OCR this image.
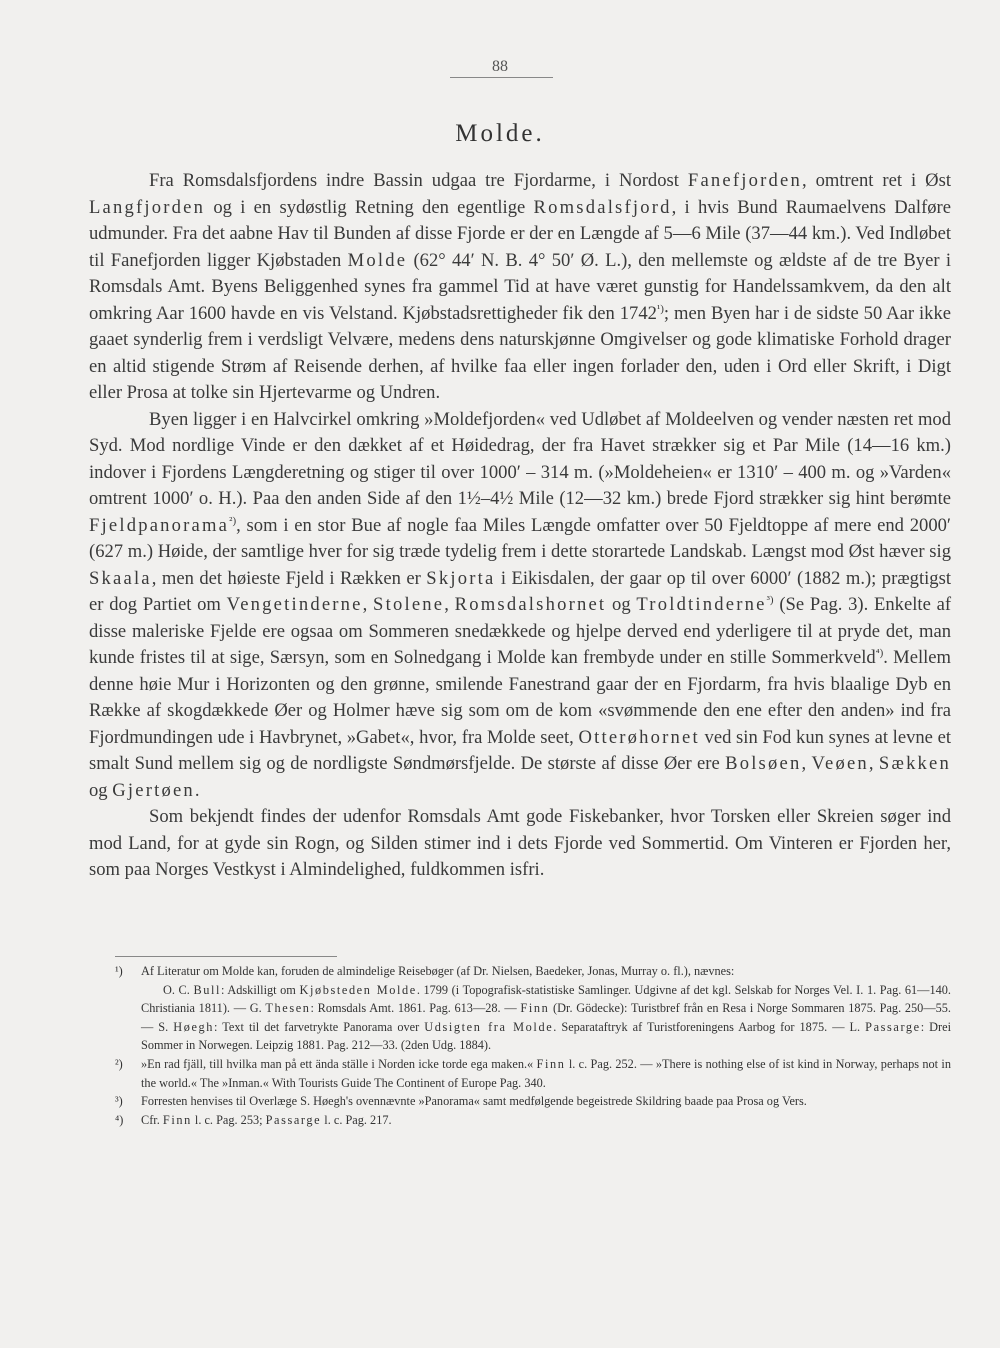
88
Molde.

Fra Romsdalsfjordens indre Bassin udgaa tre Fjordarme, i Nordost Fanefjorden, omtrent ret i Øst Langfjorden og i en sydøstlig Retning den egentlige Romsdalsfjord, i hvis Bund Raumaelvens Dalføre udmunder. Fra det aabne Hav til Bunden af disse Fjorde er der en Længde af 5—6 Mile (37—44 km.). Ved Indløbet til Fanefjorden ligger Kjøbstaden Molde (62° 44′ N. B. 4° 50′ Ø. L.), den mellemste og ældste af de tre Byer i Romsdals Amt. Byens Beliggenhed synes fra gammel Tid at have været gunstig for Handelssamkvem, da den alt omkring Aar 1600 havde en vis Velstand. Kjøbstadsrettigheder fik den $1742^{^1)}$; men Byen har i de sidste 50 Aar ikke gaaet synderlig frem i verdsligt Velvære, medens dens naturskjønne Omgivelser og gode klimatiske Forhold drager en altid stigende Strøm af Reisende derhen, af hvilke faa eller ingen forlader den, uden i Ord eller Skrift, i Digt eller Prosa at tolke sin Hjertevarme og Undren.

Byen ligger i en Halvcirkel omkring »Moldefjorden« ved Udløbet af Moldeelven og vender næsten ret mod Syd. Mod nordlige Vinde er den dækket af et Høidedrag, der fra Havet strækker sig et Par Mile (14—16 km.) indover i Fjordens Længderetning og stiger til over 1000′ – 314 m. (»Moldeheien« er 1310′ – 400 m. og »Varden« omtrent 1000′ o. H.). Paa den anden Side af den 1½–4½ Mile (12—32 km.) brede Fjord strækker sig hint berømte Fjeldpanorama$^{^2)}$, som i en stor Bue af nogle faa Miles Længde omfatter over 50 Fjeldtoppe af mere end 2000′ (627 m.) Høide, der samtlige hver for sig træde tydelig frem i dette storartede Landskab. Længst mod Øst hæver sig Skaala, men det høieste Fjeld i Rækken er Skjorta i Eikisdalen, der gaar op til over 6000′ (1882 m.); prægtigst er dog Partiet om Vengetinderne, Stolene, Romsdalshornet og Troldtinderne$^{^3)}$ (Se Pag. 3). Enkelte af disse maleriske Fjelde ere ogsaa om Sommeren snedækkede og hjelpe derved end yderligere til at pryde det, man kunde fristes til at sige, Særsyn, som en Solnedgang i Molde kan frembyde under en stille Sommerkveld$^{^4)}$. Mellem denne høie Mur i Horizonten og den grønne, smilende Fanestrand gaar der en Fjordarm, fra hvis blaalige Dyb en Række af skogdækkede Øer og Holmer hæve sig som om de kom «svømmende den ene efter den anden» ind fra Fjordmundingen ude i Havbrynet, »Gabet«, hvor, fra Molde seet, Otterøhornet ved sin Fod kun synes at levne et smalt Sund mellem sig og de nordligste Søndmørsfjelde. De største af disse Øer ere Bolsøen, Veøen, Sækken og Gjertøen.

Som bekjendt findes der udenfor Romsdals Amt gode Fiskebanker, hvor Torsken eller Skreien søger ind mod Land, for at gyde sin Rogn, og Silden stimer ind i dets Fjorde ved Sommertid. Om Vinteren er Fjorden her, som paa Norges Vestkyst i Almindelighed, fuldkommen isfri.

¹) Af Literatur om Molde kan, foruden de almindelige Reisebøger (af Dr. Nielsen, Baedeker, Jonas, Murray o. fl.), nævnes:
O. C. Bull: Adskilligt om Kjøbsteden Molde. 1799 (i Topografisk-statistiske Samlinger. Udgivne af det kgl. Selskab for Norges Vel. I. 1. Pag. 61—140. Christiania 1811). — G. Thesen: Romsdals Amt. 1861. Pag. 613—28. — Finn (Dr. Gödecke): Turistbref från en Resa i Norge Sommaren 1875. Pag. 250—55. — S. Høegh: Text til det farvetrykte Panorama over Udsigten fra Molde. Separataftryk af Turistforeningens Aarbog for 1875. — L. Passarge: Drei Sommer in Norwegen. Leipzig 1881. Pag. 212—33. (2den Udg. 1884).
²) »En rad fjäll, till hvilka man på ett ända ställe i Norden icke torde ega maken.« Finn l. c. Pag. 252. — »There is nothing else of ist kind in Norway, perhaps not in the world.« The »Inman.« With Tourists Guide The Continent of Europe Pag. 340.
³) Forresten henvises til Overlæge S. Høegh's ovennævnte »Panorama« samt medfølgende begeistrede Skildring baade paa Prosa og Vers.
⁴) Cfr. Finn l. c. Pag. 253; Passarge l. c. Pag. 217.
